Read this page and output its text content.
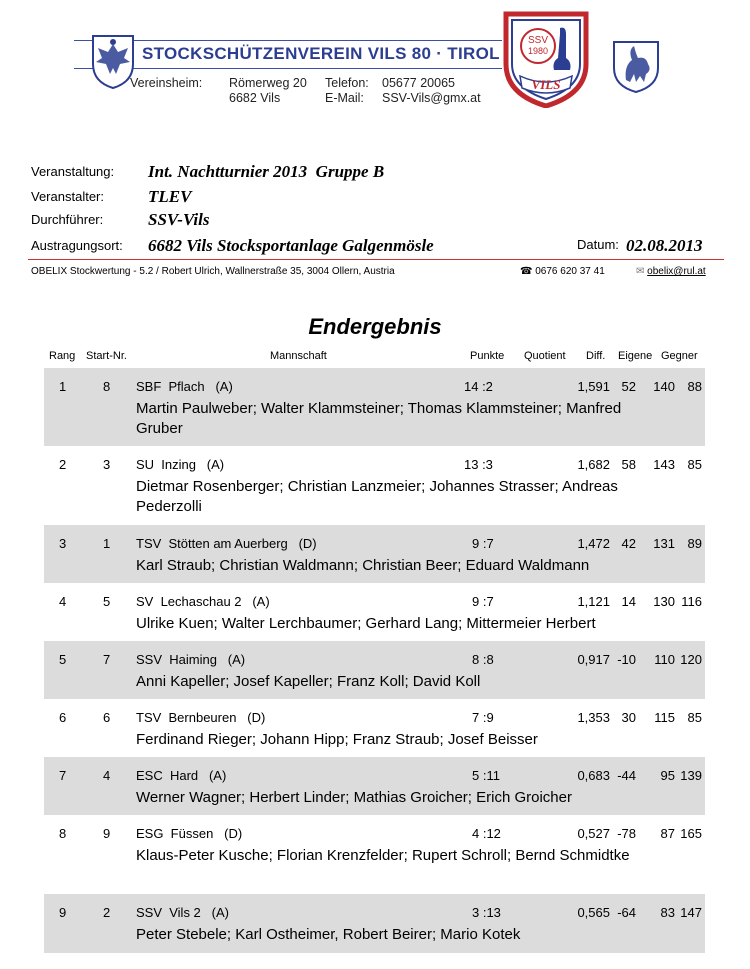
STOCKSCHÜTZENVEREIN VILS 80 · TIROL
Vereinsheim: Römerweg 20
6682 Vils
Telefon: 05677 20065
E-Mail: SSV-Vils@gmx.at
SSV
1980
VILS
Veranstaltung: Int. Nachtturnier 2013  Gruppe B
Veranstalter:	TLEV
Durchführer:	SSV-Vils
Austragungsort: 6682 Vils Stocksportanlage Galgenmösle	Datum: 02.08.2013
OBELIX Stockwertung - 5.2 / Robert Ulrich, Wallnerstraße 35, 3004 Ollern, Austria	☎ 0676 620 37 41	✉ obelix@rul.at
Endergebnis
Rang Start-Nr.	Mannschaft	Punkte Quotient Diff. Eigene Gegner
1	8 SBF  Pflach   (A)	14 :2	1,591 52 140 88
Martin Paulweber; Walter Klammsteiner; Thomas Klammsteiner; Manfred Gruber
2	3 SU  Inzing   (A)	13 :3	1,682 58 143 85
Dietmar Rosenberger; Christian Lanzmeier; Johannes Strasser; Andreas Pederzolli
3	1 TSV  Stötten am Auerberg   (D)	9 :7	1,472 42 131 89
Karl Straub; Christian Waldmann; Christian Beer; Eduard Waldmann
4	5 SV  Lechaschau 2   (A)	9 :7	1,121 14 130 116
Ulrike Kuen; Walter Lerchbaumer; Gerhard Lang; Mittermeier Herbert
5	7 SSV  Haiming   (A)	8 :8	0,917 -10 110 120
Anni Kapeller; Josef Kapeller; Franz Koll; David Koll
6	6 TSV  Bernbeuren   (D)	7 :9	1,353 30 115 85
Ferdinand Rieger; Johann Hipp; Franz Straub; Josef Beisser
7	4 ESC  Hard   (A)	5 :11	0,683 -44 95 139
Werner Wagner; Herbert Linder; Mathias Groicher; Erich Groicher
8	9 ESG  Füssen   (D)	4 :12	0,527 -78 87 165
Klaus-Peter Kusche; Florian Krenzfelder; Rupert Schroll; Bernd Schmidtke
9	2 SSV  Vils 2   (A)	3 :13	0,565 -64 83 147
Peter Stebele; Karl Ostheimer, Robert Beirer; Mario Kotek
